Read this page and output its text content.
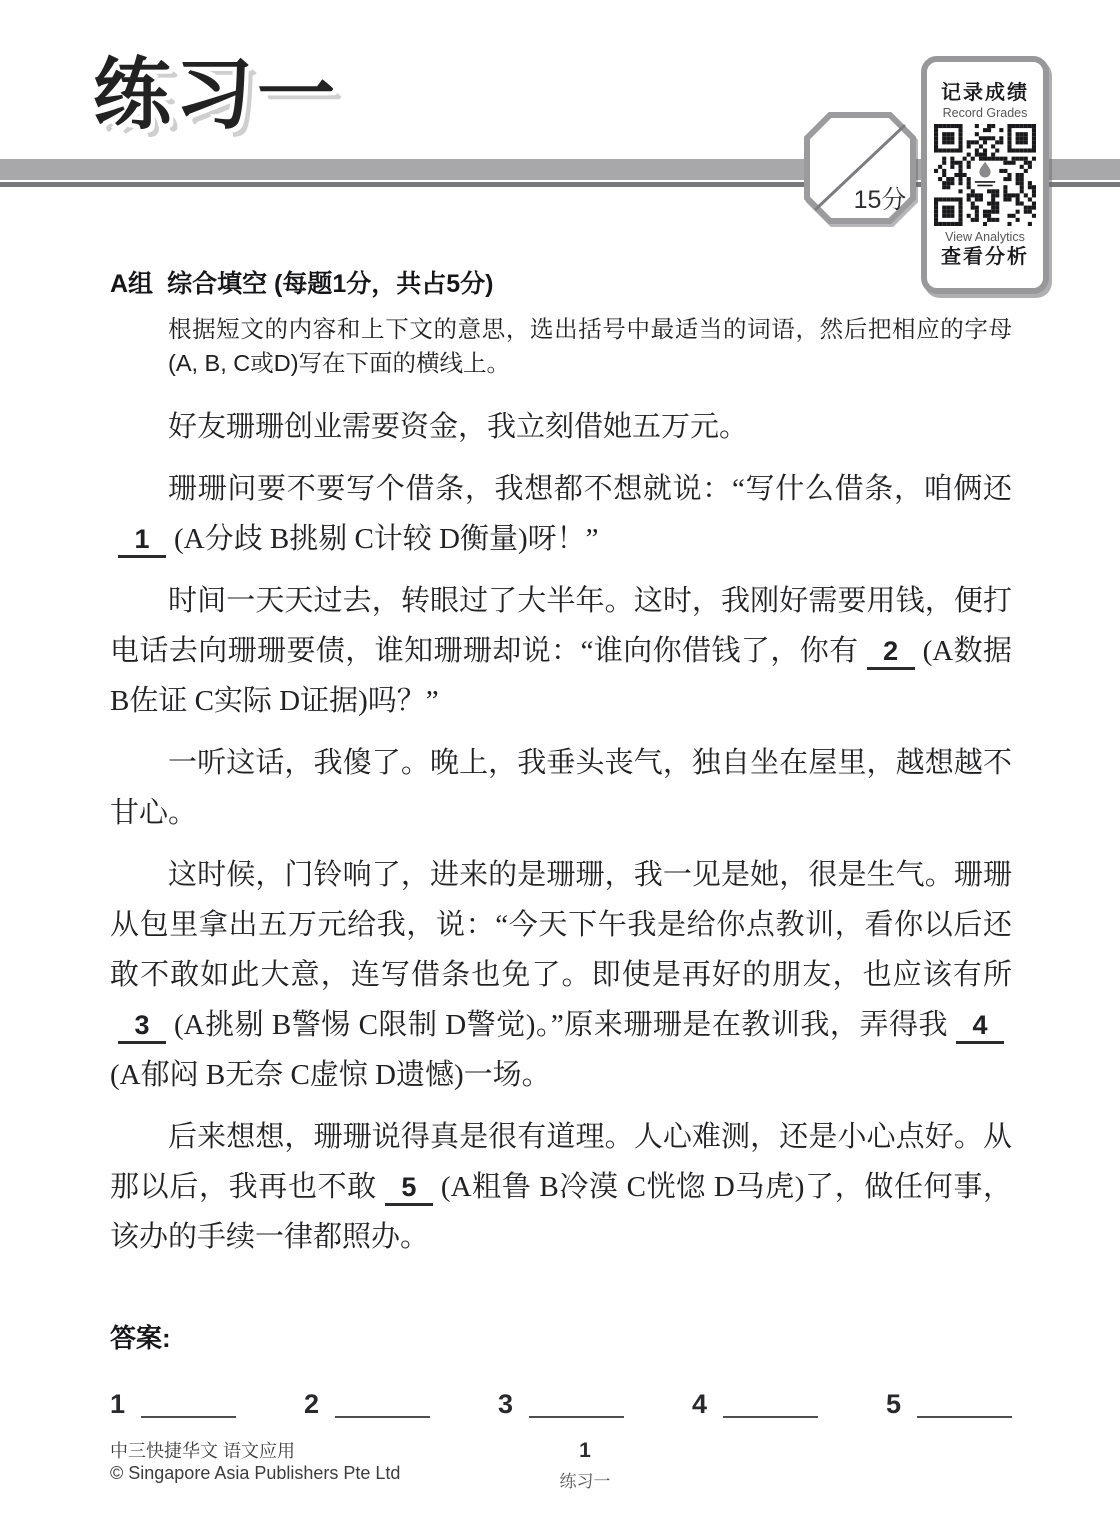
练习一
15分
记录成绩
Record Grades
View Analytics
查看分析
A组 综合填空 (每题1分，共占5分)
根据短文的内容和上下文的意思，选出括号中最适当的词语，然后把相应的字母(A, B, C或D)写在下面的横线上。

好友珊珊创业需要资金，我立刻借她五万元。

珊珊问要不要写个借条，我想都不想就说：“写什么借条，咱俩还1 (A分歧 B挑剔 C计较 D衡量)呀！”

时间一天天过去，转眼过了大半年。这时，我刚好需要用钱，便打电话去向珊珊要债，谁知珊珊却说：“谁向你借钱了，你有 2 (A数据 B佐证 C实际 D证据)吗？”

一听这话，我傻了。晚上，我垂头丧气，独自坐在屋里，越想越不甘心。

这时候，门铃响了，进来的是珊珊，我一见是她，很是生气。珊珊从包里拿出五万元给我，说：“今天下午我是给你点教训，看你以后还敢不敢如此大意，连写借条也免了。即使是再好的朋友，也应该有所3 (A挑剔 B警惕 C限制 D警觉)。”原来珊珊是在教训我，弄得我 4(A郁闷 B无奈 C虚惊 D遗憾)一场。

后来想想，珊珊说得真是很有道理。人心难测，还是小心点好。从那以后，我再也不敢 5 (A粗鲁 B冷漠 C恍惚 D马虎)了，做任何事，该办的手续一律都照办。

答案:
1	2	3	4	5
中三快捷华文 语文应用
© Singapore Asia Publishers Pte Ltd
1
练习一
